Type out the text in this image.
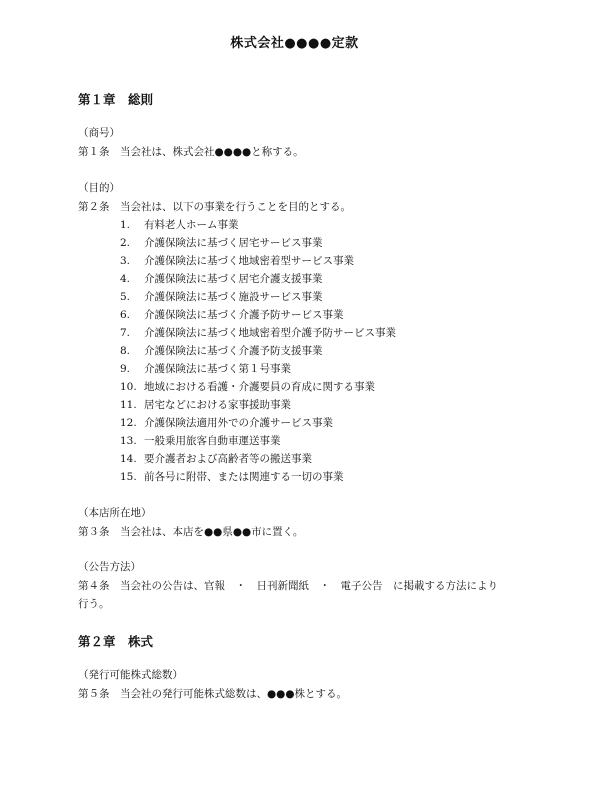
株式会社●●●●定款
第１章　総則
（商号）
第１条　当会社は、株式会社●●●●と称する。
（目的）
第２条　当会社は、以下の事業を行うことを目的とする。
1. 有料老人ホーム事業
2. 介護保険法に基づく居宅サービス事業
3. 介護保険法に基づく地域密着型サービス事業
4. 介護保険法に基づく居宅介護支援事業
5. 介護保険法に基づく施設サービス事業
6. 介護保険法に基づく介護予防サービス事業
7. 介護保険法に基づく地域密着型介護予防サービス事業
8. 介護保険法に基づく介護予防支援事業
9. 介護保険法に基づく第１号事業
10. 地域における看護・介護要員の育成に関する事業
11. 居宅などにおける家事援助事業
12. 介護保険法適用外での介護サービス事業
13. 一般乗用旅客自動車運送事業
14. 要介護者および高齢者等の搬送事業
15. 前各号に附帯、または関連する一切の事業
（本店所在地）
第３条　当会社は、本店を●●県●●市に置く。
（公告方法）
第４条　当会社の公告は、官報　・　日刊新聞紙　・　電子公告　に掲載する方法により
行う。
第２章　株式
（発行可能株式総数）
第５条　当会社の発行可能株式総数は、●●●株とする。
